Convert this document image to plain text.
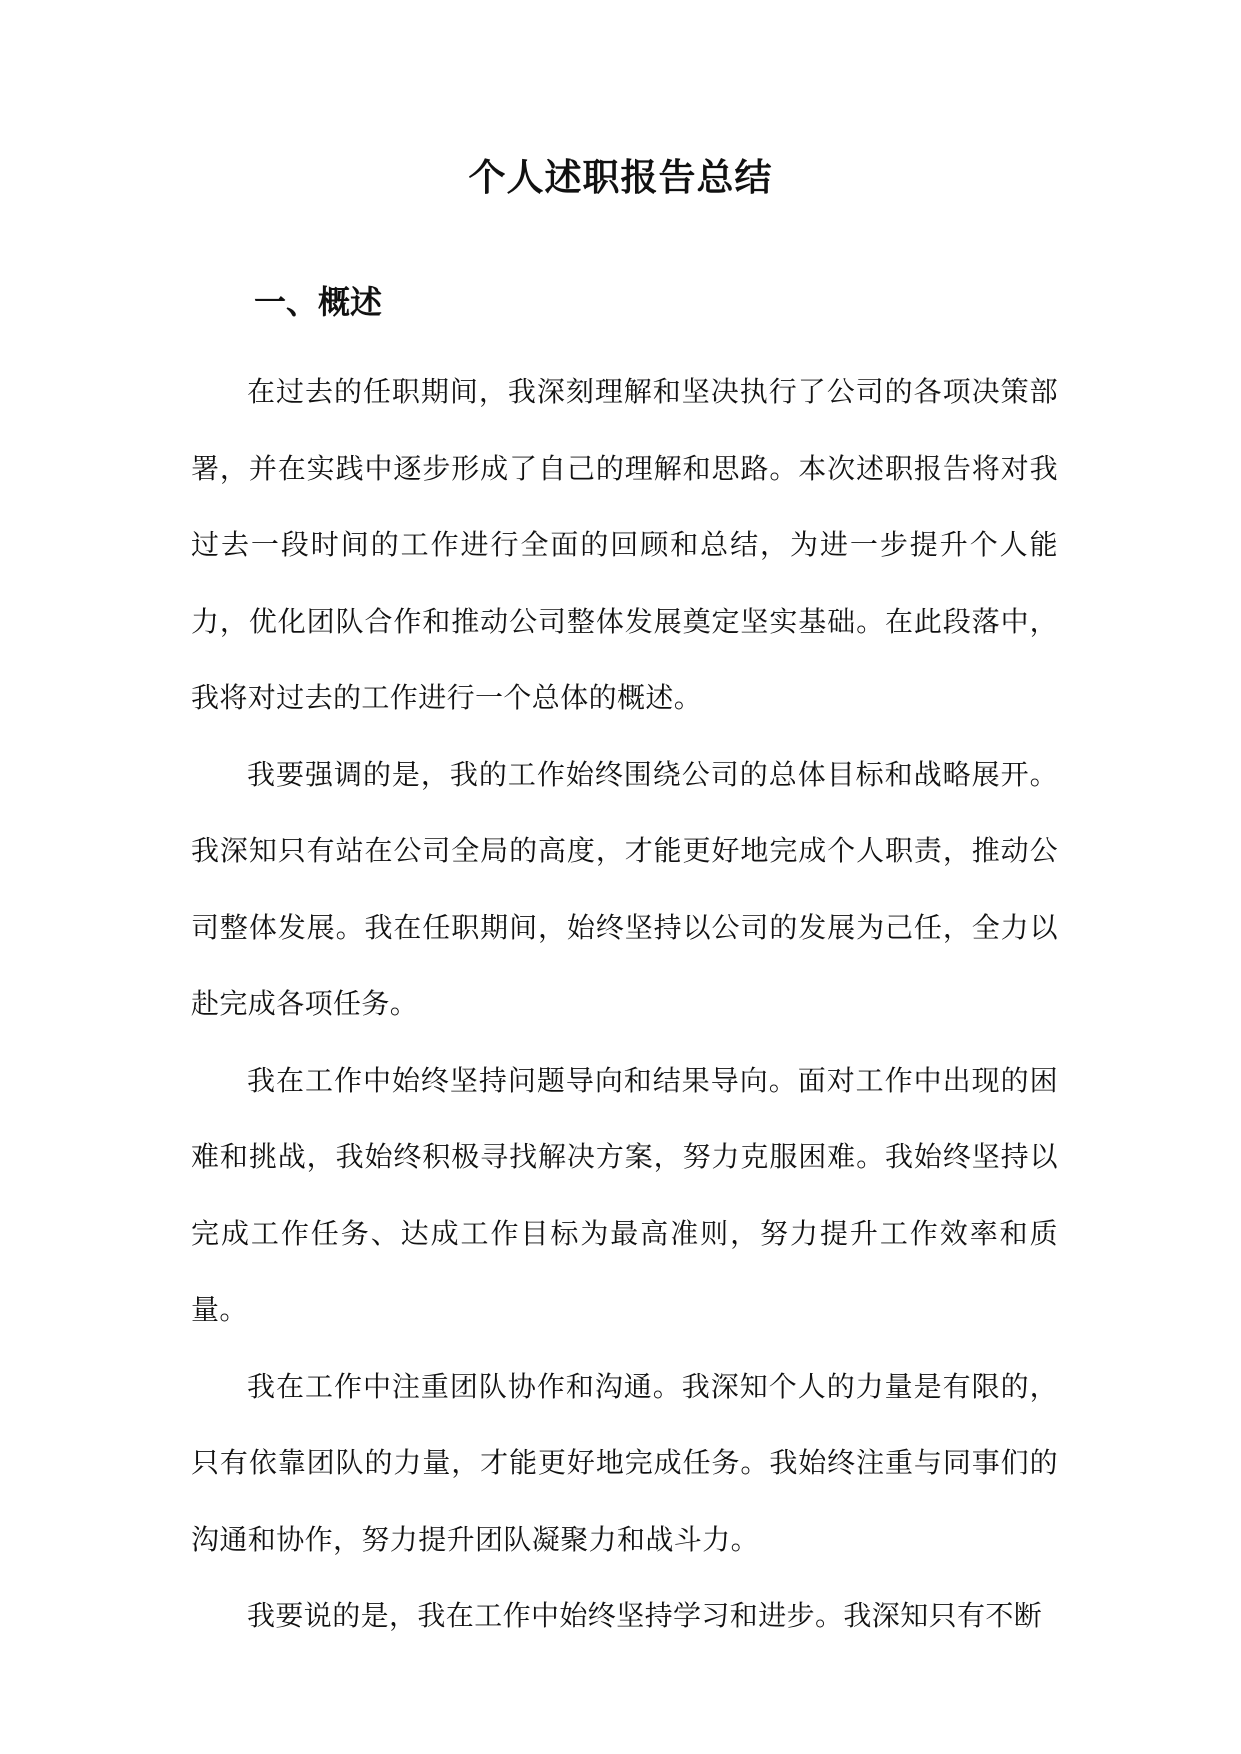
个人述职报告总结
一、概述

在过去的任职期间，我深刻理解和坚决执行了公司的各项决策部署，并在实践中逐步形成了自己的理解和思路。本次述职报告将对我过去一段时间的工作进行全面的回顾和总结，为进一步提升个人能力，优化团队合作和推动公司整体发展奠定坚实基础。在此段落中，我将对过去的工作进行一个总体的概述。

我要强调的是，我的工作始终围绕公司的总体目标和战略展开。我深知只有站在公司全局的高度，才能更好地完成个人职责，推动公司整体发展。我在任职期间，始终坚持以公司的发展为己任，全力以赴完成各项任务。

我在工作中始终坚持问题导向和结果导向。面对工作中出现的困难和挑战，我始终积极寻找解决方案，努力克服困难。我始终坚持以完成工作任务、达成工作目标为最高准则，努力提升工作效率和质量。

我在工作中注重团队协作和沟通。我深知个人的力量是有限的，只有依靠团队的力量，才能更好地完成任务。我始终注重与同事们的沟通和协作，努力提升团队凝聚力和战斗力。

我要说的是，我在工作中始终坚持学习和进步。我深知只有不断
